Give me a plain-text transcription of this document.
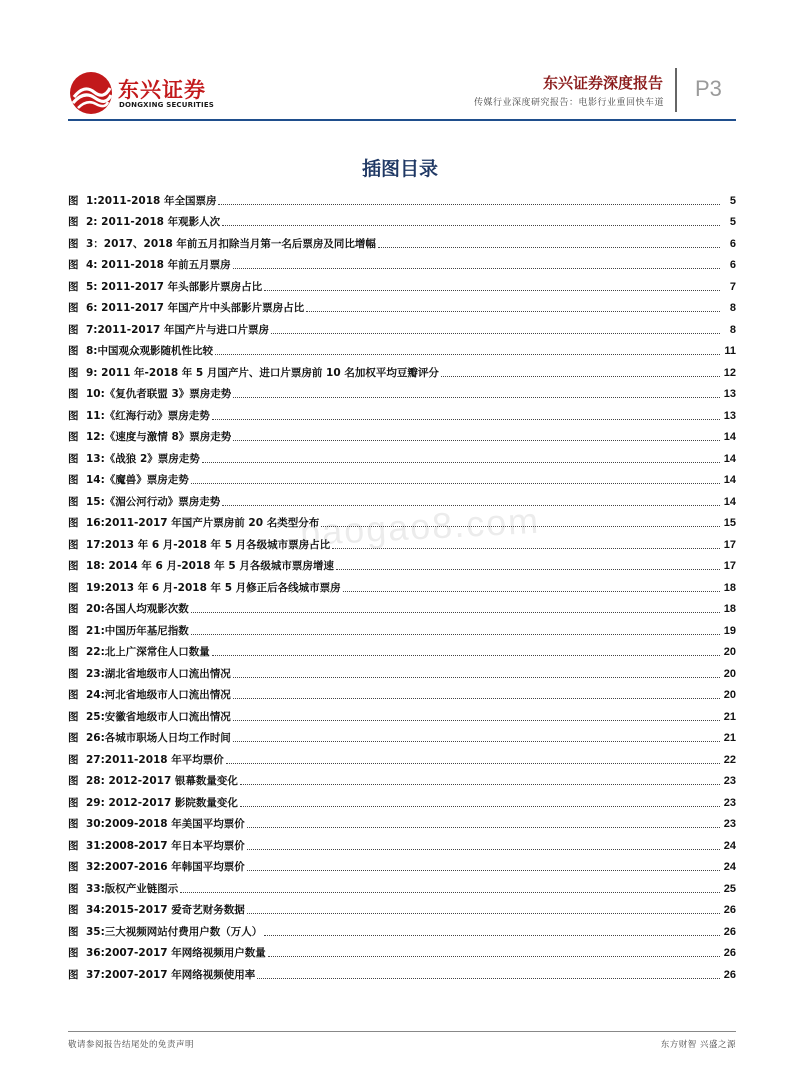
东兴证券
DONGXING SECURITIES
东兴证券深度报告
传媒行业深度研究报告：电影行业重回快车道
P3
插图目录
图 1:2011-2018 年全国票房	5
图 2: 2011-2018 年观影人次	5
图 3：2017、2018 年前五月扣除当月第一名后票房及同比增幅	6
图 4: 2011-2018 年前五月票房	6
图 5: 2011-2017 年头部影片票房占比	7
图 6: 2011-2017 年国产片中头部影片票房占比	8
图 7:2011-2017 年国产片与进口片票房	8
图 8:中国观众观影随机性比较	11
图 9: 2011 年-2018 年 5 月国产片、进口片票房前 10 名加权平均豆瓣评分	12
图 10:《复仇者联盟 3》票房走势	13
图 11:《红海行动》票房走势	13
图 12:《速度与激情 8》票房走势	14
图 13:《战狼 2》票房走势	14
图 14:《魔兽》票房走势	14
图 15:《湄公河行动》票房走势	14
图 16:2011-2017 年国产片票房前 20 名类型分布	15
图 17:2013 年 6 月-2018 年 5 月各级城市票房占比	17
图 18: 2014 年 6 月-2018 年 5 月各级城市票房增速	17
图 19:2013 年 6 月-2018 年 5 月修正后各线城市票房	18
图 20:各国人均观影次数	18
图 21:中国历年基尼指数	19
图 22:北上广深常住人口数量	20
图 23:湖北省地级市人口流出情况	20
图 24:河北省地级市人口流出情况	20
图 25:安徽省地级市人口流出情况	21
图 26:各城市职场人日均工作时间	21
图 27:2011-2018 年平均票价	22
图 28: 2012-2017 银幕数量变化	23
图 29: 2012-2017 影院数量变化	23
图 30:2009-2018 年美国平均票价	23
图 31:2008-2017 年日本平均票价	24
图 32:2007-2016 年韩国平均票价	24
图 33:版权产业链图示	25
图 34:2015-2017 爱奇艺财务数据	26
图 35:三大视频网站付费用户数（万人）	26
图 36:2007-2017 年网络视频用户数量	26
图 37:2007-2017 年网络视频使用率	26
baogao8.com
敬请参阅报告结尾处的免责声明	东方财智 兴盛之源
